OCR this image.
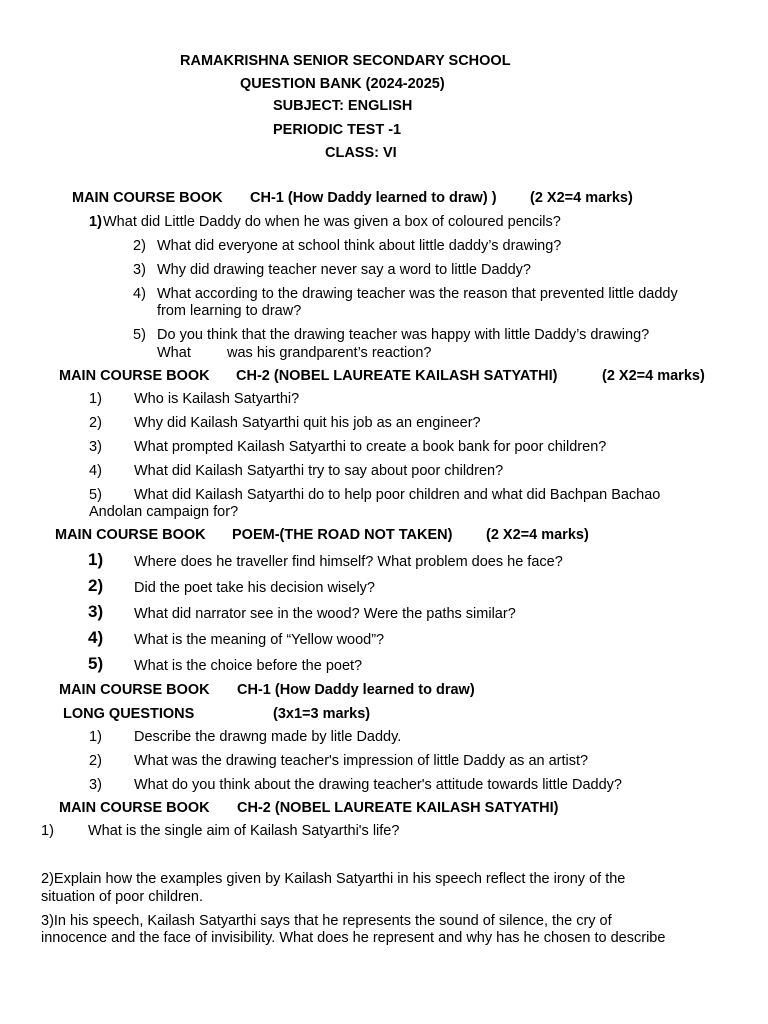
RAMAKRISHNA SENIOR SECONDARY SCHOOL
QUESTION BANK (2024-2025)
SUBJECT: ENGLISH
PERIODIC TEST -1
CLASS: VI
MAIN COURSE BOOK CH-1 (How Daddy learned to draw) ) (2 X2=4 marks)
1) What did Little Daddy do when he was given a box of coloured pencils?
2) What did everyone at school think about little daddy’s drawing?
3) Why did drawing teacher never say a word to little Daddy?
4) What according to the drawing teacher was the reason that prevented little daddy
from learning to draw?
5) Do you think that the drawing teacher was happy with little Daddy’s drawing?
What was his grandparent’s reaction?
MAIN COURSE BOOK CH-2 (NOBEL LAUREATE KAILASH SATYATHI)	(2 X2=4 marks)
1) Who is Kailash Satyarthi?
2) Why did Kailash Satyarthi quit his job as an engineer?
3) What prompted Kailash Satyarthi to create a book bank for poor children?
4) What did Kailash Satyarthi try to say about poor children?
5) What did Kailash Satyarthi do to help poor children and what did Bachpan Bachao
Andolan campaign for?
MAIN COURSE BOOK POEM-(THE ROAD NOT TAKEN) (2 X2=4 marks)
1) Where does he traveller find himself? What problem does he face?
2) Did the poet take his decision wisely?
3) What did narrator see in the wood? Were the paths similar?
4) What is the meaning of “Yellow wood”?
5) What is the choice before the poet?
MAIN COURSE BOOK CH-1 (How Daddy learned to draw)
LONG QUESTIONS	(3x1=3 marks)
1) Describe the drawng made by litle Daddy.
2) What was the drawing teacher's impression of little Daddy as an artist?
3) What do you think about the drawing teacher's attitude towards little Daddy?
MAIN COURSE BOOK CH-2 (NOBEL LAUREATE KAILASH SATYATHI)
1) What is the single aim of Kailash Satyarthi's life?
2)Explain how the examples given by Kailash Satyarthi in his speech reflect the irony of the
situation of poor children.
3)In his speech, Kailash Satyarthi says that he represents the sound of silence, the cry of
innocence and the face of invisibility. What does he represent and why has he chosen to describe
